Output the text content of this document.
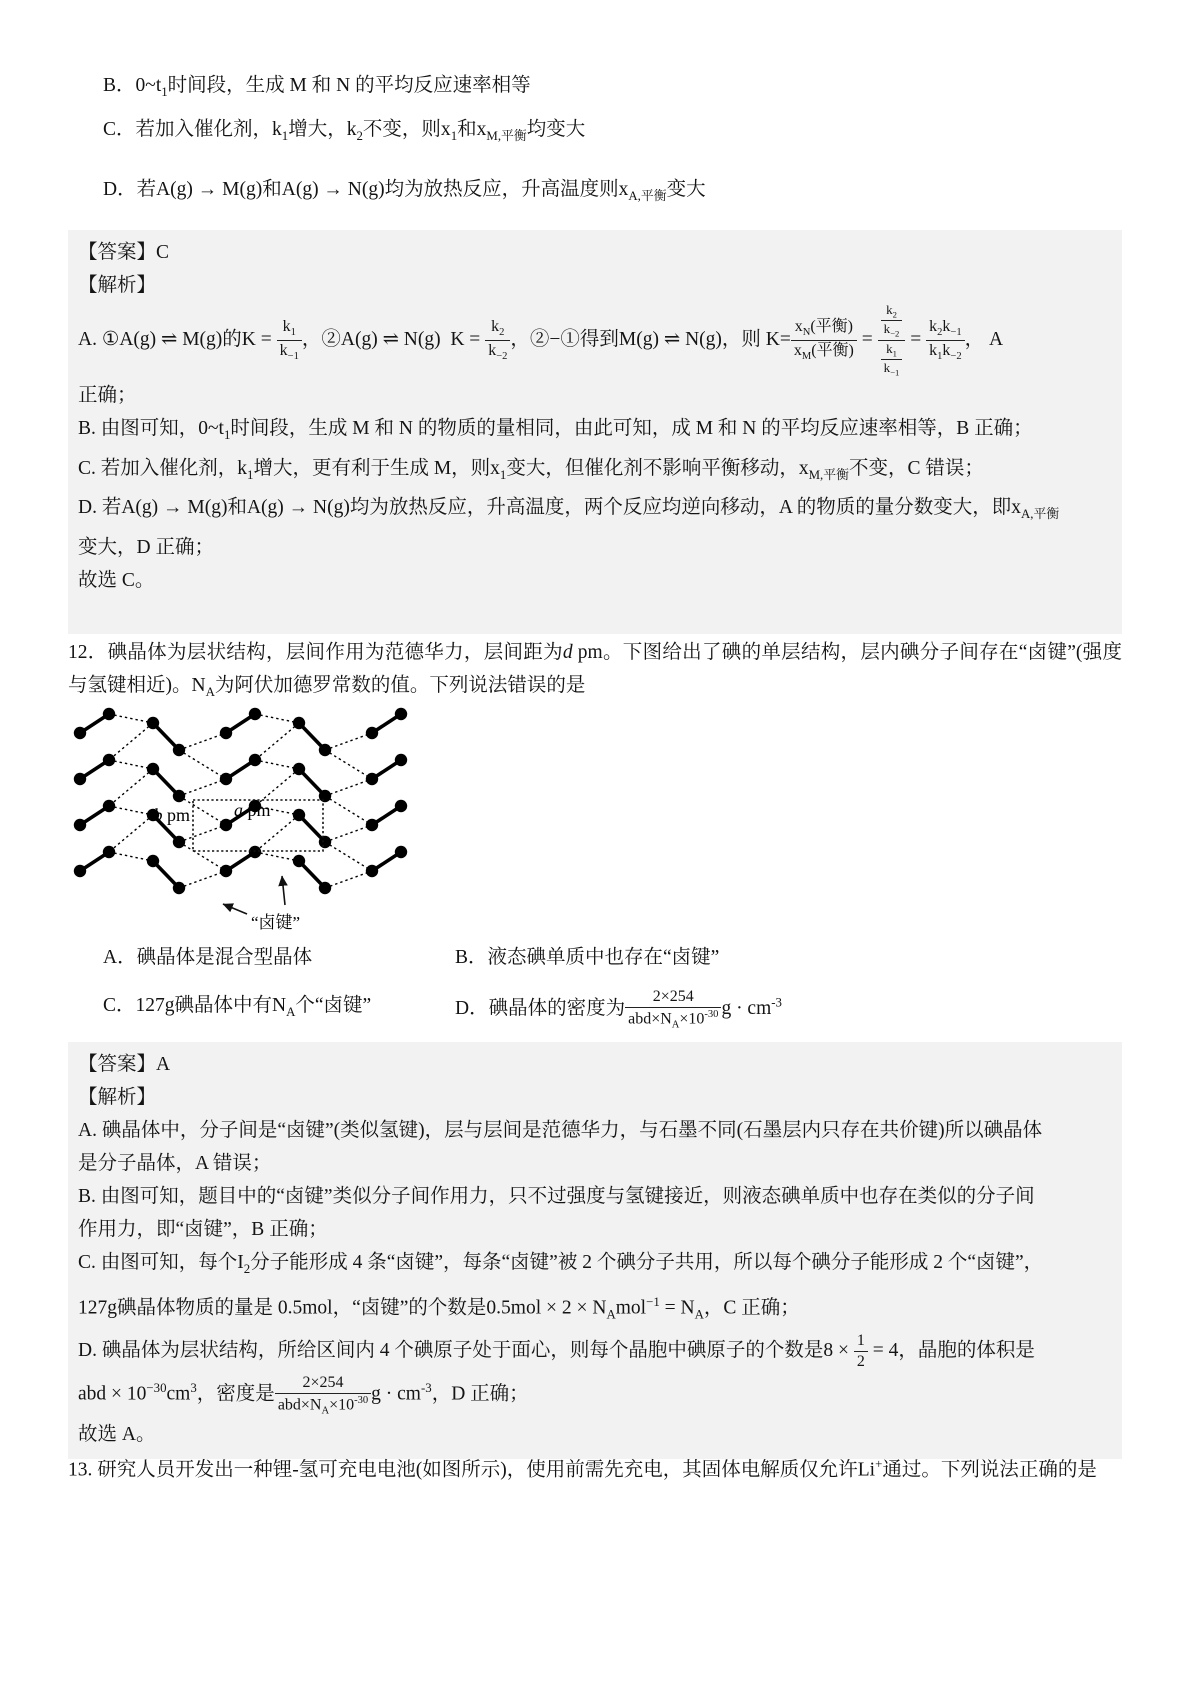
B．$0\sim t_1$时间段，生成 M 和 N 的平均反应速率相等
C．若加入催化剂，$k_1$增大，$k_2$不变，则$x_1$和$x_{M,平衡}$均变大
D．若A(g) → M(g)和A(g) → N(g)均为放热反应，升高温度则$x_{A,平衡}$变大
【答案】C
【解析】
A. ①A(g) ⇌ M(g)的$K = \frac{k_1}{k_{-1}}$ ，②A(g) ⇌ N(g)  $K = \frac{k_2}{k_{-2}}$ ，②−①得到M(g) ⇌ N(g)，则 K=
$x_N$(平衡)
$x_M$(平衡)
= $\frac{\frac{k_2}{k_{-2}}}{\frac{k_1}{k_{-1}}} = \frac{k_2k_{-1}}{k_1k_{-2}}$ ， A
正确；
B. 由图可知，$0\sim t_1$时间段，生成 M 和 N 的物质的量相同，由此可知，成 M 和 N 的平均反应速率相等，B 正确；
C. 若加入催化剂，$k_1$增大，更有利于生成 M，则$x_1$变大，但催化剂不影响平衡移动，$x_{M,平衡}$不变，C 错误；
D. 若A(g) → M(g)和A(g) → N(g)均为放热反应，升高温度，两个反应均逆向移动，A 的物质的量分数变大，即$x_{A,平衡}$
变大，D 正确；
故选 C。
12．碘晶体为层状结构，层间作用为范德华力，层间距为d pm。下图给出了碘的单层结构，层内碘分子间存在“卤键”(强度与氢键相近)。$N_A$为阿伏加德罗常数的值。下列说法错误的是
b pm a pm
“卤键”
A．碘晶体是混合型晶体	B．液态碘单质中也存在“卤键”
C．127g碘晶体中有$N_A$个“卤键”	D．碘晶体的密度为
2×254
$abd\times N_A\times 10^{-30}$ $g \cdot cm^{-3}$
【答案】A
【解析】
A. 碘晶体中，分子间是“卤键”(类似氢键)，层与层间是范德华力，与石墨不同(石墨层内只存在共价键)所以碘晶体
是分子晶体，A 错误；
B. 由图可知，题目中的“卤键”类似分子间作用力，只不过强度与氢键接近，则液态碘单质中也存在类似的分子间
作用力，即“卤键”，B 正确；
C. 由图可知，每个$I_2$分子能形成 4 条“卤键”，每条“卤键”被 2 个碘分子共用，所以每个碘分子能形成 2 个“卤键”，
127g碘晶体物质的量是 0.5mol，“卤键”的个数是$0.5mol \times 2 \times N_Amol^{-1} = N_A$，C 正确；
D. 碘晶体为层状结构，所给区间内 4 个碘原子处于面心，则每个晶胞中碘原子的个数是$8 \times \frac{1}{2} = 4$，晶胞的体积是
abd × $10^{-30}cm^3$，密度是
2×254
$abd\times N_A\times 10^{-30}$ $g \cdot cm^{-3}$，D 正确；
故选 A。
13. 研究人员开发出一种锂-氢可充电电池(如图所示)，使用前需先充电，其固体电解质仅允许Li+通过。下列说法正确的是
